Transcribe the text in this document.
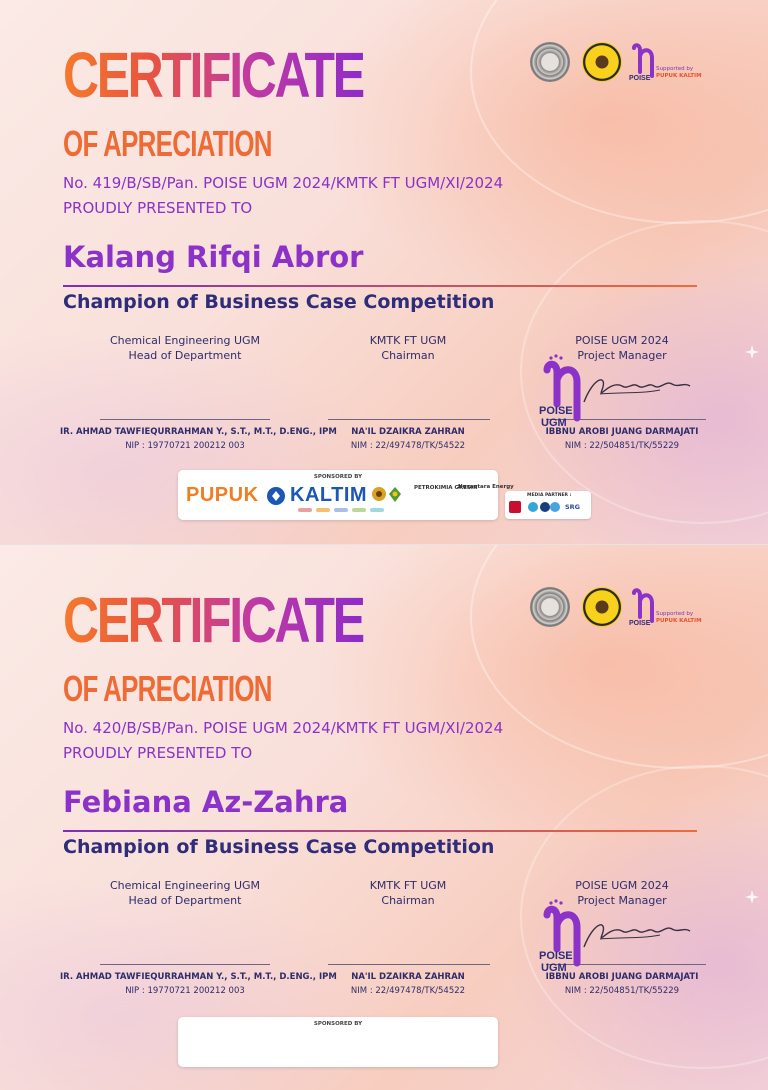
POISE
Supported by
PUPUK KALTIM
CERTIFICATE
OF APRECIATION
No. 419/B/SB/Pan. POISE UGM 2024/KMTK FT UGM/XI/2024
PROUDLY PRESENTED TO
Kalang Rifqi Abror
Champion of Business Case Competition
Chemical Engineering UGM
Head of Department
IR. AHMAD TAWFIEQURRAHMAN Y., S.T., M.T., D.ENG., IPM
NIP : 19770721 200212 003
KMTK FT UGM
Chairman
NA'IL DZAIKRA ZAHRAN
NIM : 22/497478/TK/54522
POISE UGM 2024
Project Manager
IBBNU AROBI JUANG DARMAJATI
NIM : 22/504851/TK/55229
POISE
UGM
SPONSORED BY
PUPUK KALTIM	PETROKIMIA GRESIK
Nusantara Energy
MEDIA PARTNER :
SRG
POISE
Supported by
PUPUK KALTIM
CERTIFICATE
OF APRECIATION
No. 420/B/SB/Pan. POISE UGM 2024/KMTK FT UGM/XI/2024
PROUDLY PRESENTED TO
Febiana Az-Zahra
Champion of Business Case Competition
Chemical Engineering UGM
Head of Department
IR. AHMAD TAWFIEQURRAHMAN Y., S.T., M.T., D.ENG., IPM
NIP : 19770721 200212 003
KMTK FT UGM
Chairman
NA'IL DZAIKRA ZAHRAN
NIM : 22/497478/TK/54522
POISE UGM 2024
Project Manager
IBBNU AROBI JUANG DARMAJATI
NIM : 22/504851/TK/55229
POISE
UGM
SPONSORED BY
